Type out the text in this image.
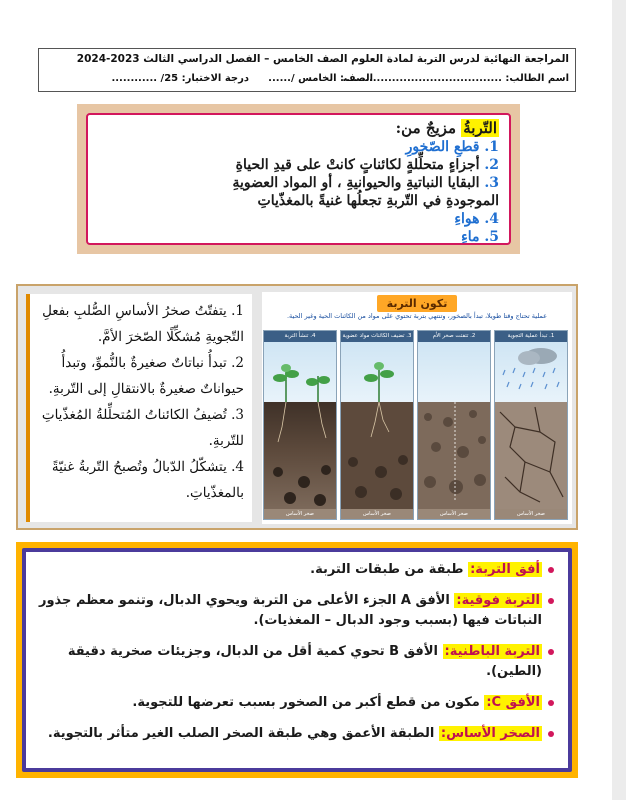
المراجعة النهائية لدرس التربة لمادة العلوم الصف الخامس – الفصل الدراسي الثالث 2023-2024
اسم الطالب: ..........................................
الصف: الخامس /......
درجة الاختبار: 25/ ............
التّربةُ مزيجٌ من:
1. قطعِ الصّخورِ
2. أجزاءٍ متحلِّلةٍ لكائناتٍ كانتْ على قيدِ الحياةِ
3. البقايا النباتيةِ والحيوانيةِ ، أو المواد العضويةِ
الموجودةِ في التّربةِ تجعلُها غنيةً بالمغذّياتِ
4. هواءِ
5. ماءِ
1. يتفتّتُ صخرُ الأساسِ الصُّلبِ بفعلِ التّجويةِ مُشكِّلًا الصّخرَ الأمَّ.
2. تبدأُ نباتاتٌ صغيرةٌ بالنُّموِّ، وتبدأُ حيواناتٌ صغيرةٌ بالانتقالِ إلى التّربةِ.
3. تُضيفُ الكائناتُ المُتحلِّلةُ المُغذّياتِ للتّربةِ.
4. يتشكّلُ الدّبالُ وتُصبحُ التّربةُ غنيّةً بالمغذّياتِ.
تكون التربة
عملية تحتاج وقتا طويلا، تبدأ بالصخور، وتنتهي بتربة تحتوي على مواد من الكائنات الحية وغير الحية.
1. تبدأ عملية التجوية
صخر الأساس
2. تتفتت صخر الأم
صخر الأساس
3. تضيف الكائنات مواد عضوية
صخر الأساس
4. تنشأ التربة
صخر الأساس
أفق التربة: طبقة من طبقات التربة.
التربة فوقية: الأفق A الجزء الأعلى من التربة ويحوي الدبال، وتنمو معظم جذور النباتات فيها (بسبب وجود الدبال – المغذيات).
التربة الباطنية: الأفق B تحوي كمية أقل من الدبال، وجزيئات صخرية دقيقة (الطين).
الأفق C: مكون من قطع أكبر من الصخور بسبب تعرضها للتجوية.
الصخر الأساس: الطبقة الأعمق وهي طبقة الصخر الصلب الغير متأثر بالتجوية.
